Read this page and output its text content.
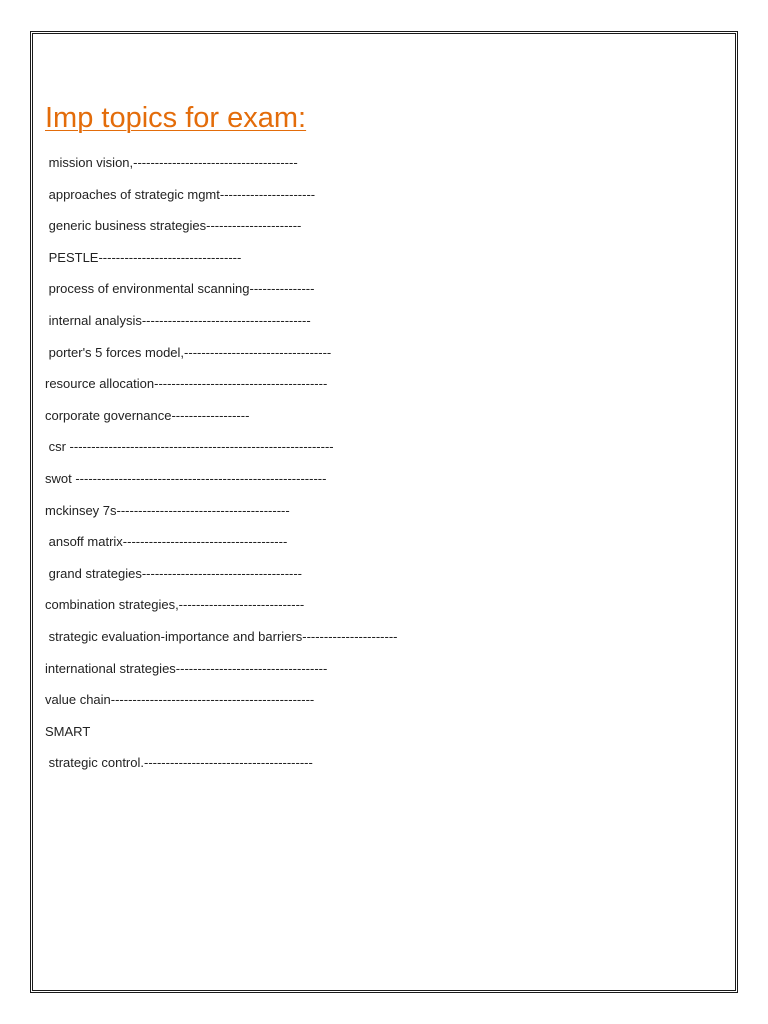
Imp topics for exam:
mission vision,--------------------------------------
approaches of strategic mgmt----------------------
generic business strategies----------------------
PESTLE---------------------------------
process of environmental scanning---------------
internal analysis---------------------------------------
porter's 5 forces model,----------------------------------
resource allocation----------------------------------------
corporate governance------------------
csr -------------------------------------------------------------
swot ----------------------------------------------------------
mckinsey 7s----------------------------------------
ansoff matrix--------------------------------------
grand strategies-------------------------------------
combination strategies,-----------------------------
strategic evaluation-importance and barriers----------------------
international strategies-----------------------------------
value chain-----------------------------------------------
SMART
strategic control.---------------------------------------
